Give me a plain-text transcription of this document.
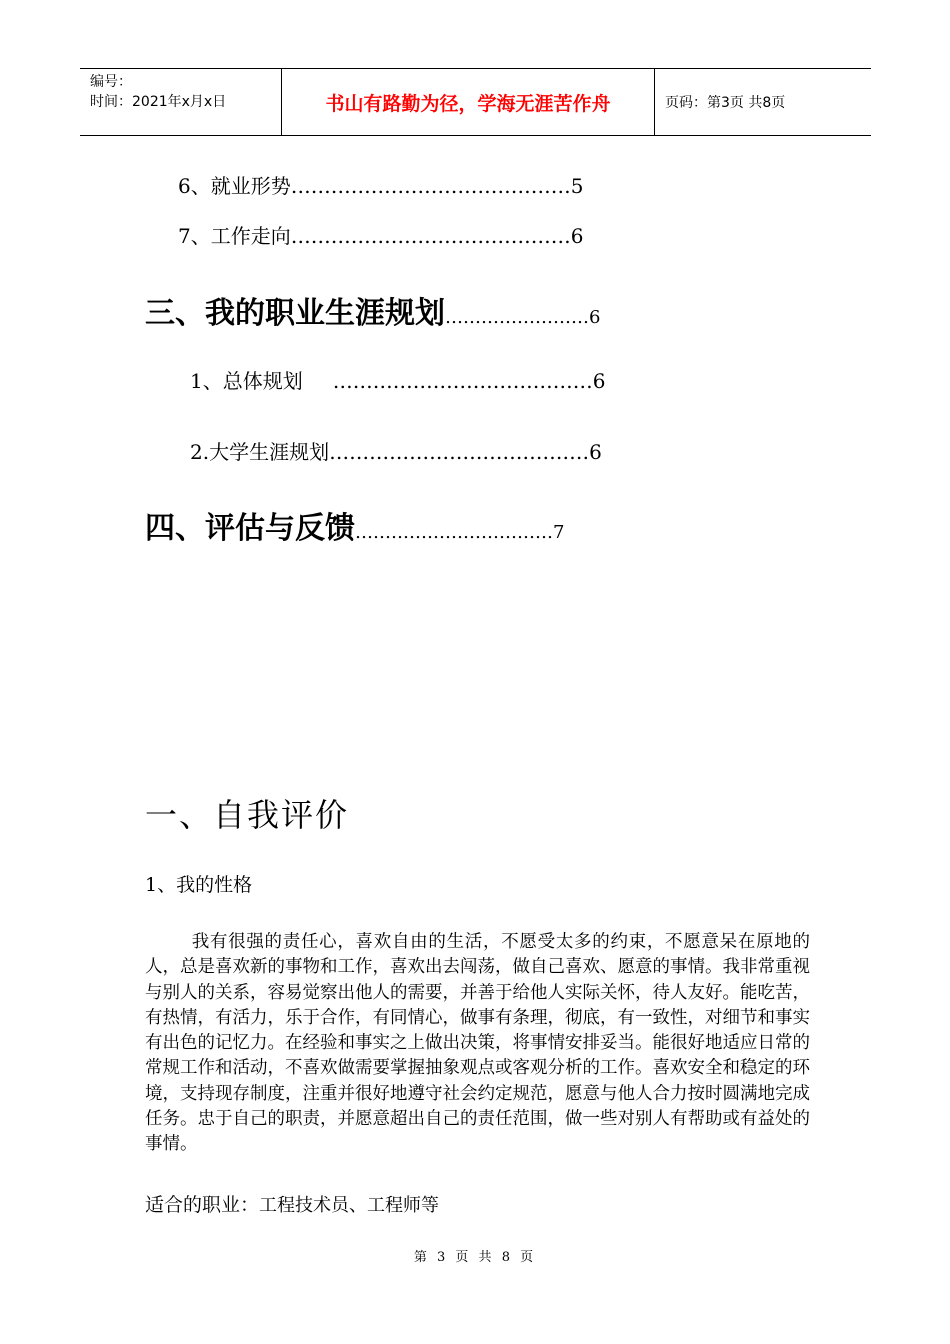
编号：
时间：2021年x月x日	书山有路勤为径，学海无涯苦作舟	页码：第3页 共8页
6、就业形势……………………………………5
7、工作走向……………………………………6
三、我的职业生涯规划……………………6
1、总体规划 …………………………………6
2.大学生涯规划…………………………………6
四、评估与反馈……………………………7
一、自我评价
1、我的性格
我有很强的责任心，喜欢自由的生活，不愿受太多的约束，不愿意呆在原地的人，总是喜欢新的事物和工作，喜欢出去闯荡，做自己喜欢、愿意的事情。我非常重视与别人的关系，容易觉察出他人的需要，并善于给他人实际关怀，待人友好。能吃苦，有热情，有活力，乐于合作，有同情心，做事有条理，彻底，有一致性，对细节和事实有出色的记忆力。在经验和事实之上做出决策，将事情安排妥当。能很好地适应日常的常规工作和活动，不喜欢做需要掌握抽象观点或客观分析的工作。喜欢安全和稳定的环境，支持现存制度，注重并很好地遵守社会约定规范，愿意与他人合力按时圆满地完成任务。忠于自己的职责，并愿意超出自己的责任范围，做一些对别人有帮助或有益处的事情。
适合的职业：工程技术员、工程师等
第 3 页 共 8 页
